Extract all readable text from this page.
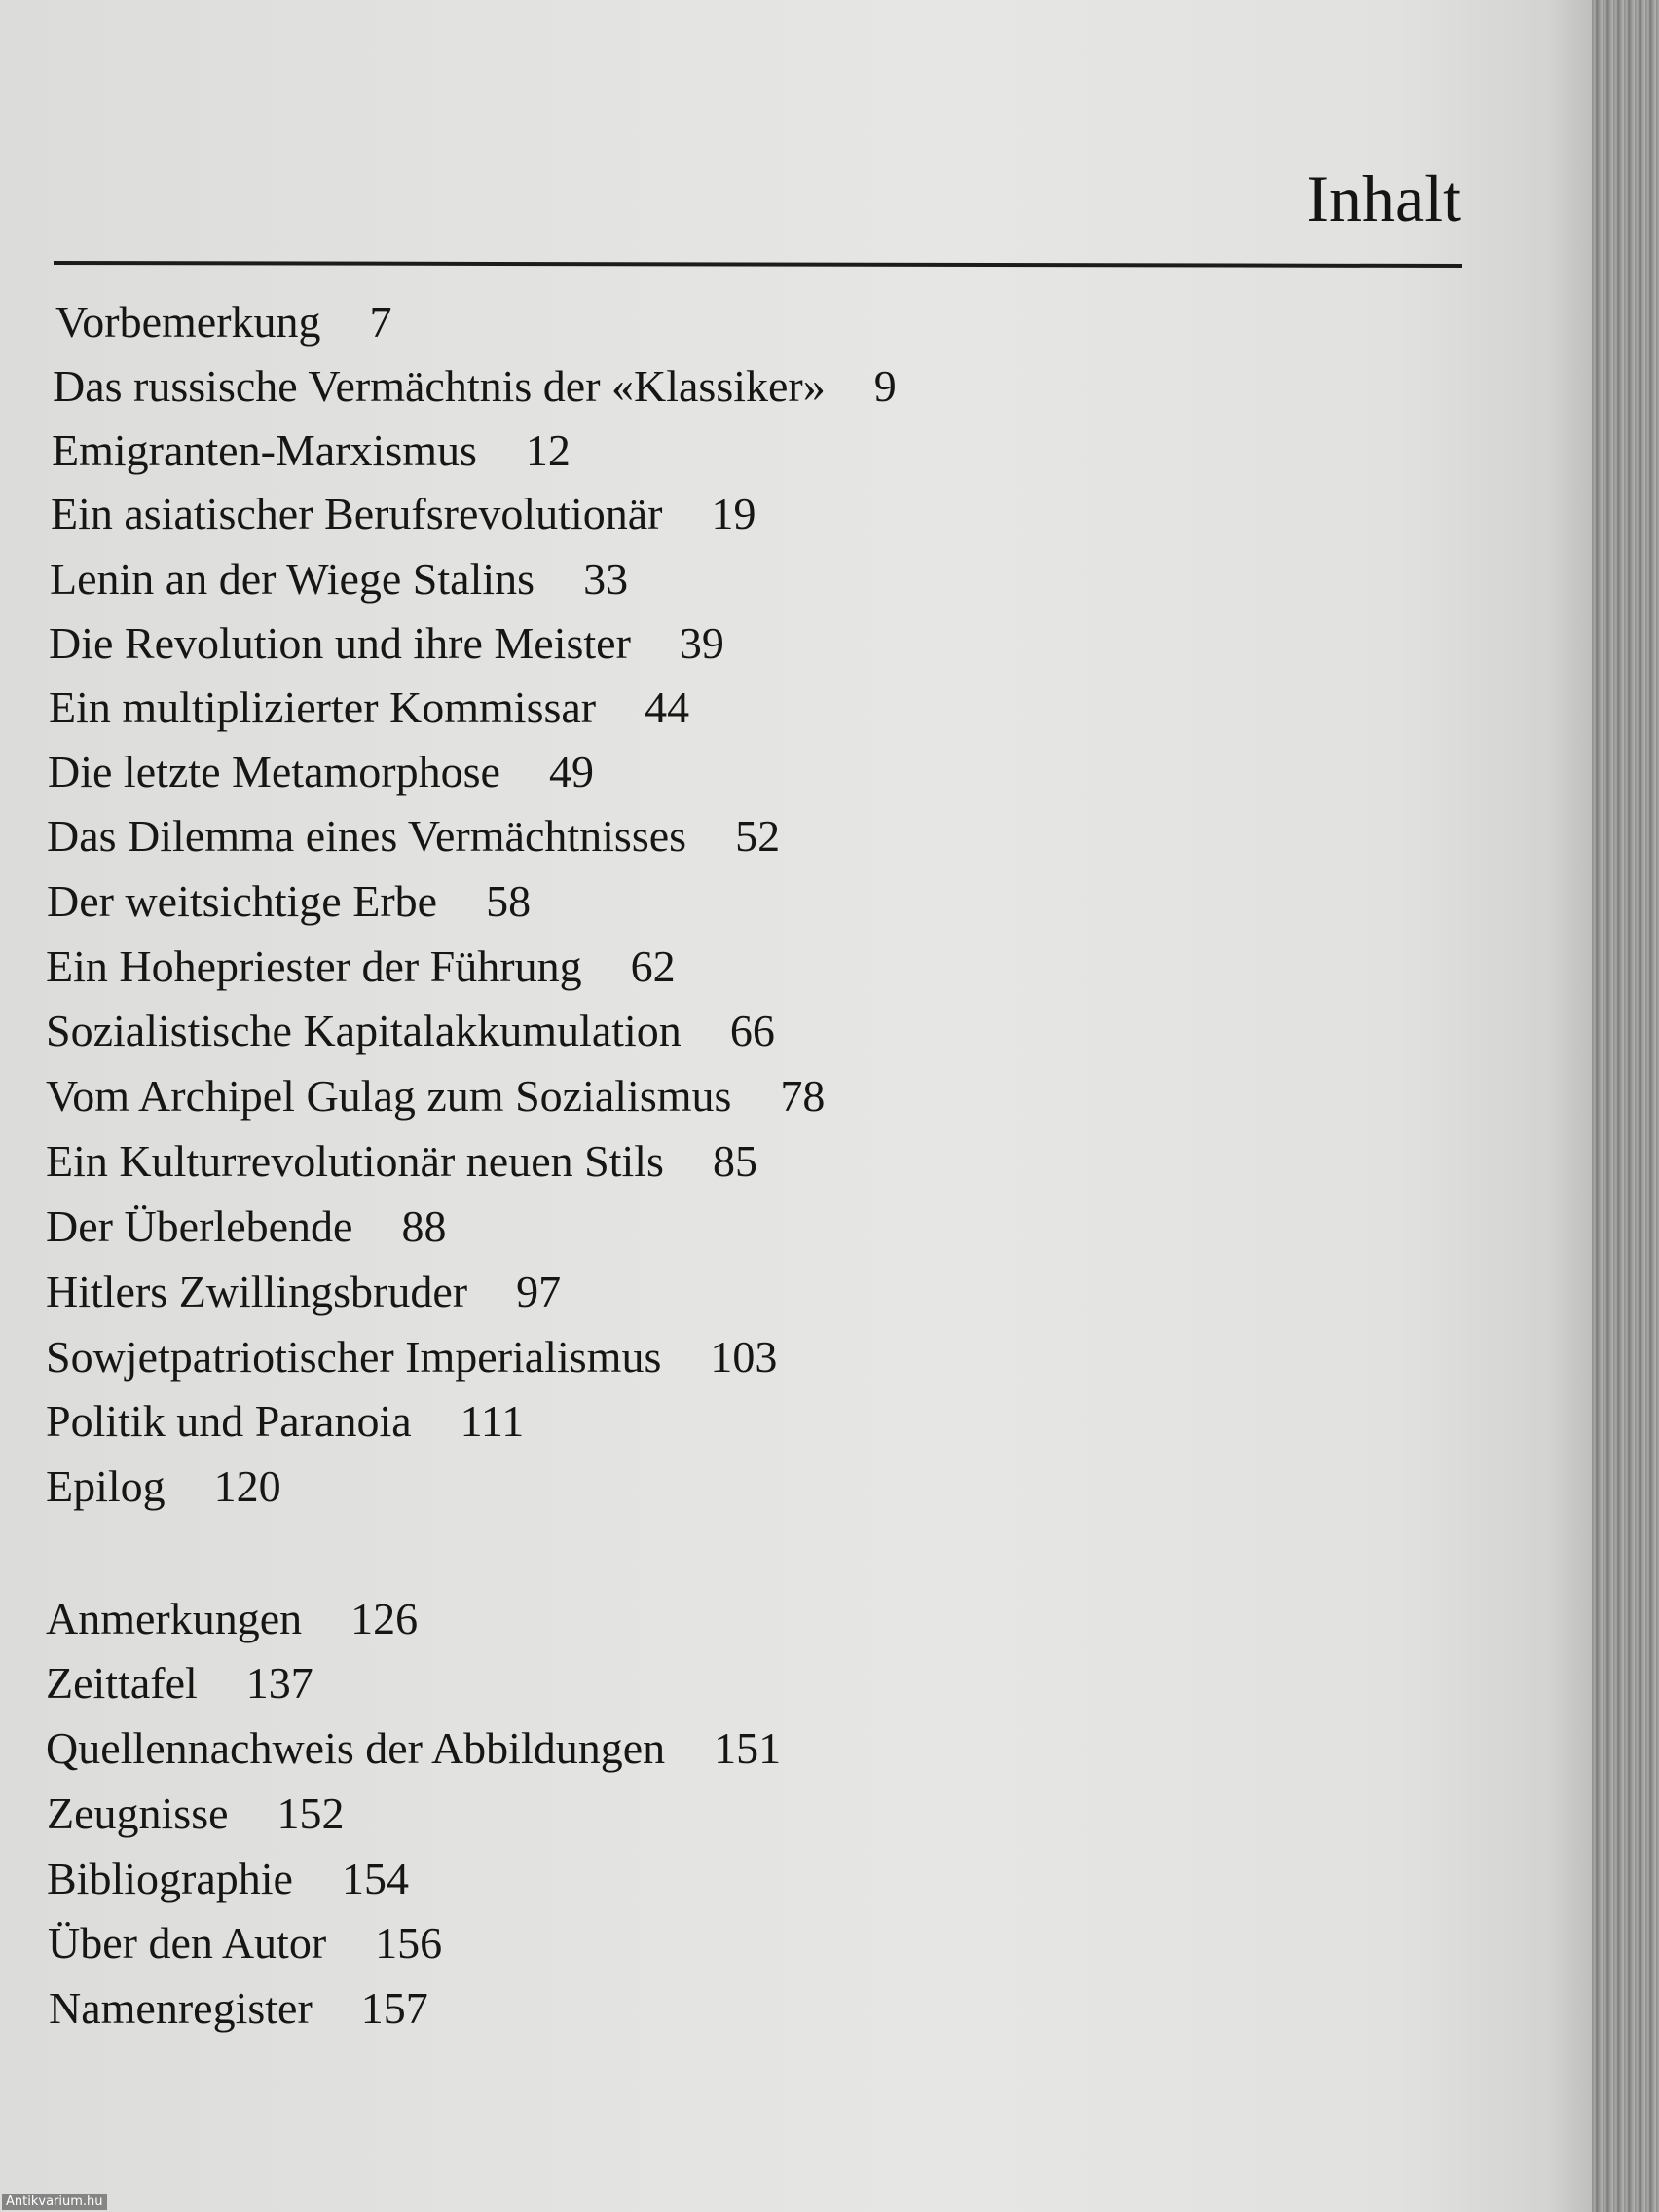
Inhalt
Vorbemerkung 7
Das russische Vermächtnis der «Klassiker» 9
Emigranten-Marxismus 12
Ein asiatischer Berufsrevolutionär 19
Lenin an der Wiege Stalins 33
Die Revolution und ihre Meister 39
Ein multiplizierter Kommissar 44
Die letzte Metamorphose 49
Das Dilemma eines Vermächtnisses 52
Der weitsichtige Erbe 58
Ein Hohepriester der Führung 62
Sozialistische Kapitalakkumulation 66
Vom Archipel Gulag zum Sozialismus 78
Ein Kulturrevolutionär neuen Stils 85
Der Überlebende 88
Hitlers Zwillingsbruder 97
Sowjetpatriotischer Imperialismus 103
Politik und Paranoia 111
Epilog 120
Anmerkungen 126
Zeittafel 137
Quellennachweis der Abbildungen 151
Zeugnisse 152
Bibliographie 154
Über den Autor 156
Namenregister 157
Antikvarium.hu
